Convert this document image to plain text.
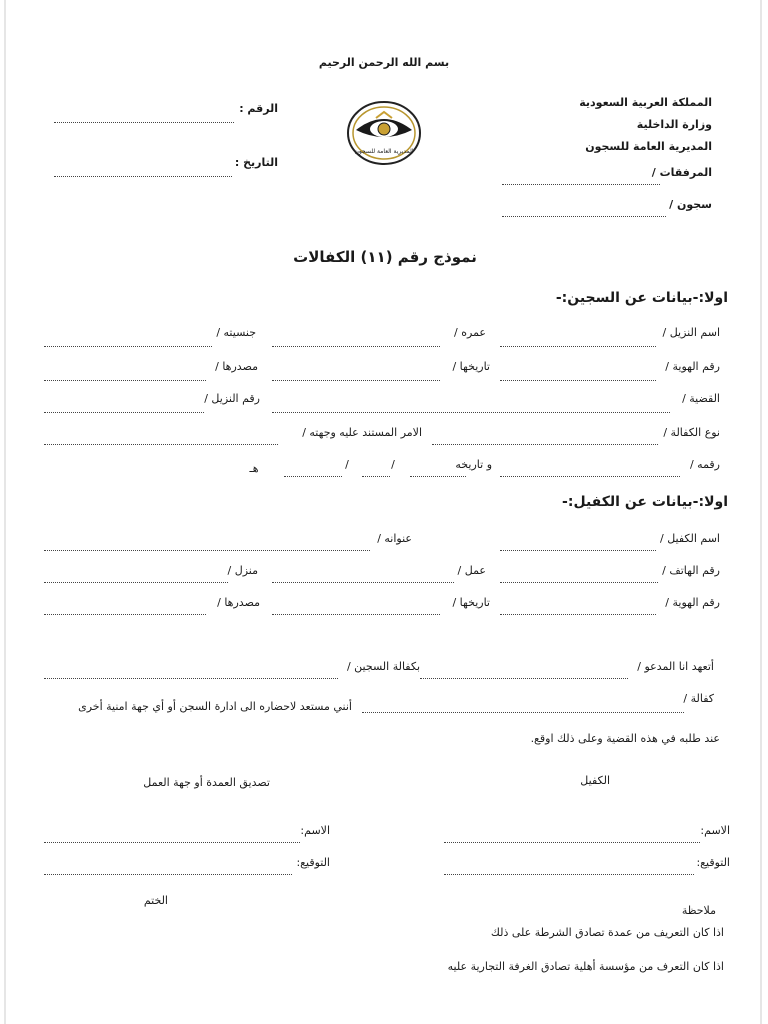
بسم الله الرحمن الرحيم
المملكة العربية السعودية
وزارة الداخلية
المديرية العامة للسجون
المرفقات /
سجون /
الرقم :
التاريخ :
المديرية العامة للسجون
نموذج رقم (١١) الكفالات
اولا:-بيانات عن السجين:-
اسم النزيل /
عمره /
جنسيته /
رقم الهوية /
تاريخها /
مصدرها /
القضية /
رقم النزيل /
نوع الكفالة /
الامر المستند عليه وجهته /
رقمه /
و تاريخه
/
/
هـ
اولا:-بيانات عن الكفيل:-
اسم الكفيل /
عنوانه /
رقم الهاتف /
عمل /
منزل /
رقم الهوية /
تاريخها /
مصدرها /
أتعهد انا المدعو /
بكفالة السجين /
كفالة /
أنني مستعد لاحضاره الى ادارة السجن أو أي جهة امنية أخرى
عند طلبه في هذه القضية وعلى ذلك اوقع.
الكفيل
تصديق العمدة أو جهة العمل
الاسم:
الاسم:
التوقيع:
التوقيع:
الختم
ملاحظة
اذا كان التعريف من عمدة تصادق الشرطة على ذلك
اذا كان التعرف من مؤسسة أهلية تصادق الغرفة التجارية عليه
